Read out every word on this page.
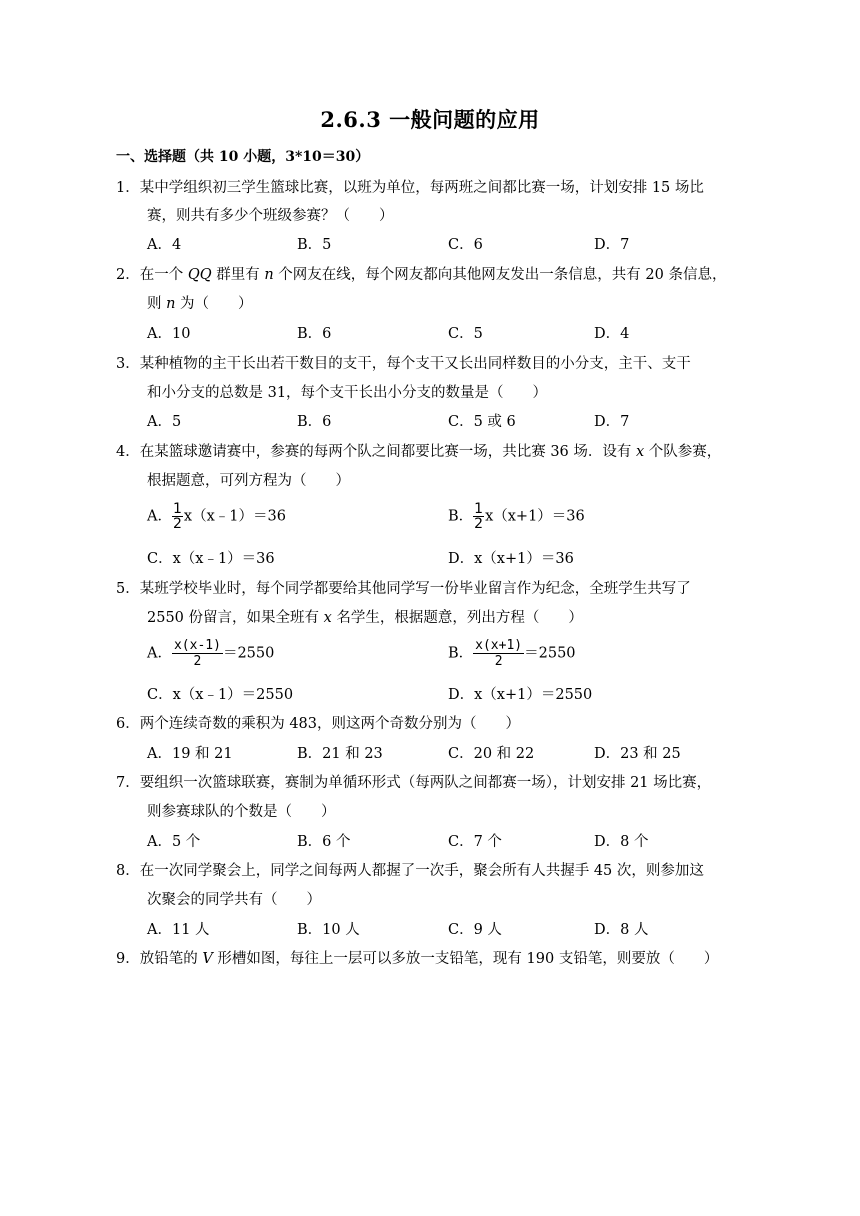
2.6.3 一般问题的应用
一、选择题（共 10 小题，3*10＝30）
1．某中学组织初三学生篮球比赛，以班为单位，每两班之间都比赛一场，计划安排 15 场比
赛，则共有多少个班级参赛？（　　）
A．4	B．5	C．6	D．7
2．在一个 QQ 群里有 n 个网友在线，每个网友都向其他网友发出一条信息，共有 20 条信息，
则 n 为（　　）
A．10	B．6	C．5	D．4
3．某种植物的主干长出若干数目的支干，每个支干又长出同样数目的小分支，主干、支干
和小分支的总数是 31，每个支干长出小分支的数量是（　　）
A．5	B．6	C．5 或 6	D．7
4．在某篮球邀请赛中，参赛的每两个队之间都要比赛一场，共比赛 36 场．设有 x 个队参赛，
根据题意，可列方程为（　　）
A． $\frac{1}{2}$ x（x﹣1）＝36	B． $\frac{1}{2} x(x+1)=36$
C．x（x﹣1）＝36	D．x（x+1）＝36
5．某班学校毕业时，每个同学都要给其他同学写一份毕业留言作为纪念，全班学生共写了
2550 份留言，如果全班有 x 名学生，根据题意，列出方程（　　）
A． $\frac{x(x-1)}{2} =2550$	B． $\frac{x(x+1)}{2} =2550$
C．x（x﹣1）＝2550	D．x（x+1）＝2550
6．两个连续奇数的乘积为 483，则这两个奇数分别为（　　）
A．19 和 21	B．21 和 23	C．20 和 22	D．23 和 25
7．要组织一次篮球联赛，赛制为单循环形式（每两队之间都赛一场），计划安排 21 场比赛，
则参赛球队的个数是（　　）
A．5 个	B．6 个	C．7 个	D．8 个
8．在一次同学聚会上，同学之间每两人都握了一次手，聚会所有人共握手 45 次，则参加这
次聚会的同学共有（　　）
A．11 人	B．10 人	C．9 人	D．8 人
9．放铅笔的 V 形槽如图，每往上一层可以多放一支铅笔，现有 190 支铅笔，则要放（　　）
